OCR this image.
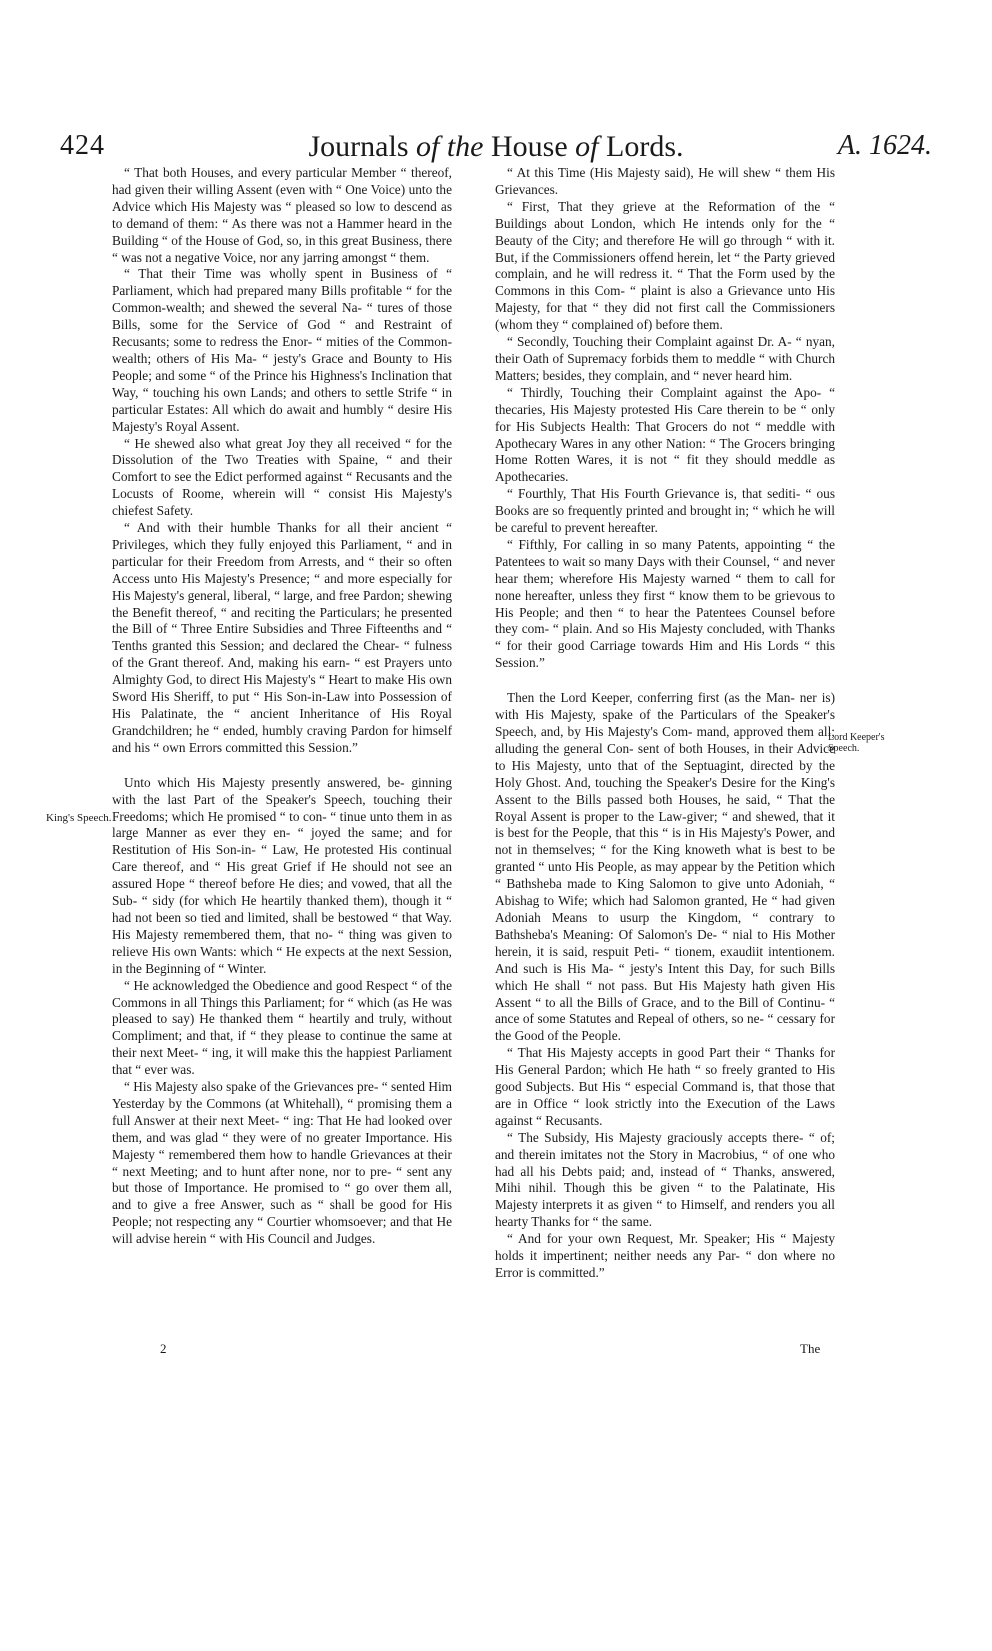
424	Journals of the House of Lords.	A. 1624.

“ That both Houses, and every particular Member “ thereof, had given their willing Assent (even with “ One Voice) unto the Advice which His Majesty was “ pleased so low to descend as to demand of them: “ As there was not a Hammer heard in the Building “ of the House of God, so, in this great Business, there “ was not a negative Voice, nor any jarring amongst “ them.

“ That their Time was wholly spent in Business of “ Parliament, which had prepared many Bills profitable “ for the Common-wealth; and shewed the several Na- “ tures of those Bills, some for the Service of God “ and Restraint of Recusants; some to redress the Enor- “ mities of the Common-wealth; others of His Ma- “ jesty's Grace and Bounty to His People; and some “ of the Prince his Highness's Inclination that Way, “ touching his own Lands; and others to settle Strife “ in particular Estates: All which do await and humbly “ desire His Majesty's Royal Assent.

“ He shewed also what great Joy they all received “ for the Dissolution of the Two Treaties with Spaine, “ and their Comfort to see the Edict performed against “ Recusants and the Locusts of Roome, wherein will “ consist His Majesty's chiefest Safety.

“ And with their humble Thanks for all their ancient “ Privileges, which they fully enjoyed this Parliament, “ and in particular for their Freedom from Arrests, and “ their so often Access unto His Majesty's Presence; “ and more especially for His Majesty's general, liberal, “ large, and free Pardon; shewing the Benefit thereof, “ and reciting the Particulars; he presented the Bill of “ Three Entire Subsidies and Three Fifteenths and “ Tenths granted this Session; and declared the Chear- “ fulness of the Grant thereof. And, making his earn- “ est Prayers unto Almighty God, to direct His Majesty's “ Heart to make His own Sword His Sheriff, to put “ His Son-in-Law into Possession of His Palatinate, the “ ancient Inheritance of His Royal Grandchildren; he “ ended, humbly craving Pardon for himself and his “ own Errors committed this Session.”

Unto which His Majesty presently answered, be- ginning with the last Part of the Speaker's Speech, touching their Freedoms; which He promised “ to con- “ tinue unto them in as large Manner as ever they en- “ joyed the same; and for Restitution of His Son-in- “ Law, He protested His continual Care thereof, and “ His great Grief if He should not see an assured Hope “ thereof before He dies; and vowed, that all the Sub- “ sidy (for which He heartily thanked them), though it “ had not been so tied and limited, shall be bestowed “ that Way. His Majesty remembered them, that no- “ thing was given to relieve His own Wants: which “ He expects at the next Session, in the Beginning of “ Winter.

“ He acknowledged the Obedience and good Respect “ of the Commons in all Things this Parliament; for “ which (as He was pleased to say) He thanked them “ heartily and truly, without Compliment; and that, if “ they please to continue the same at their next Meet- “ ing, it will make this the happiest Parliament that “ ever was.

“ His Majesty also spake of the Grievances pre- “ sented Him Yesterday by the Commons (at Whitehall), “ promising them a full Answer at their next Meet- “ ing: That He had looked over them, and was glad “ they were of no greater Importance. His Majesty “ remembered them how to handle Grievances at their “ next Meeting; and to hunt after none, nor to pre- “ sent any but those of Importance. He promised to “ go over them all, and to give a free Answer, such as “ shall be good for His People; not respecting any “ Courtier whomsoever; and that He will advise herein “ with His Council and Judges.

“ At this Time (His Majesty said), He will shew “ them His Grievances.

“ First, That they grieve at the Reformation of the “ Buildings about London, which He intends only for the “ Beauty of the City; and therefore He will go through “ with it. But, if the Commissioners offend herein, let “ the Party grieved complain, and he will redress it. “ That the Form used by the Commons in this Com- “ plaint is also a Grievance unto His Majesty, for that “ they did not first call the Commissioners (whom they “ complained of) before them.

“ Secondly, Touching their Complaint against Dr. A- “ nyan, their Oath of Supremacy forbids them to meddle “ with Church Matters; besides, they complain, and “ never heard him.

“ Thirdly, Touching their Complaint against the Apo- “ thecaries, His Majesty protested His Care therein to be “ only for His Subjects Health: That Grocers do not “ meddle with Apothecary Wares in any other Nation: “ The Grocers bringing Home Rotten Wares, it is not “ fit they should meddle as Apothecaries.

“ Fourthly, That His Fourth Grievance is, that sediti- “ ous Books are so frequently printed and brought in; “ which he will be careful to prevent hereafter.

“ Fifthly, For calling in so many Patents, appointing “ the Patentees to wait so many Days with their Counsel, “ and never hear them; wherefore His Majesty warned “ them to call for none hereafter, unless they first “ know them to be grievous to His People; and then “ to hear the Patentees Counsel before they com- “ plain. And so His Majesty concluded, with Thanks “ for their good Carriage towards Him and His Lords “ this Session.”

Then the Lord Keeper, conferring first (as the Man- ner is) with His Majesty, spake of the Particulars of the Speaker's Speech, and, by His Majesty's Com- mand, approved them all; alluding the general Con- sent of both Houses, in their Advice to His Majesty, unto that of the Septuagint, directed by the Holy Ghost. And, touching the Speaker's Desire for the King's Assent to the Bills passed both Houses, he said, “ That the Royal Assent is proper to the Law-giver; “ and shewed, that it is best for the People, that this “ is in His Majesty's Power, and not in themselves; “ for the King knoweth what is best to be granted “ unto His People, as may appear by the Petition which “ Bathsheba made to King Salomon to give unto Adoniah, “ Abishag to Wife; which had Salomon granted, He “ had given Adoniah Means to usurp the Kingdom, “ contrary to Bathsheba's Meaning: Of Salomon's De- “ nial to His Mother herein, it is said, respuit Peti- “ tionem, exaudiit intentionem. And such is His Ma- “ jesty's Intent this Day, for such Bills which He shall “ not pass. But His Majesty hath given His Assent “ to all the Bills of Grace, and to the Bill of Continu- “ ance of some Statutes and Repeal of others, so ne- “ cessary for the Good of the People.

“ That His Majesty accepts in good Part their “ Thanks for His General Pardon; which He hath “ so freely granted to His good Subjects. But His “ especial Command is, that those that are in Office “ look strictly into the Execution of the Laws against “ Recusants.

“ The Subsidy, His Majesty graciously accepts there- “ of; and therein imitates not the Story in Macrobius, “ of one who had all his Debts paid; and, instead of “ Thanks, answered, Mihi nihil. Though this be given “ to the Palatinate, His Majesty interprets it as given “ to Himself, and renders you all hearty Thanks for “ the same.

“ And for your own Request, Mr. Speaker; His “ Majesty holds it impertinent; neither needs any Par- “ don where no Error is committed.”

King's Speech.
Lord Keeper's Speech.
2	The
